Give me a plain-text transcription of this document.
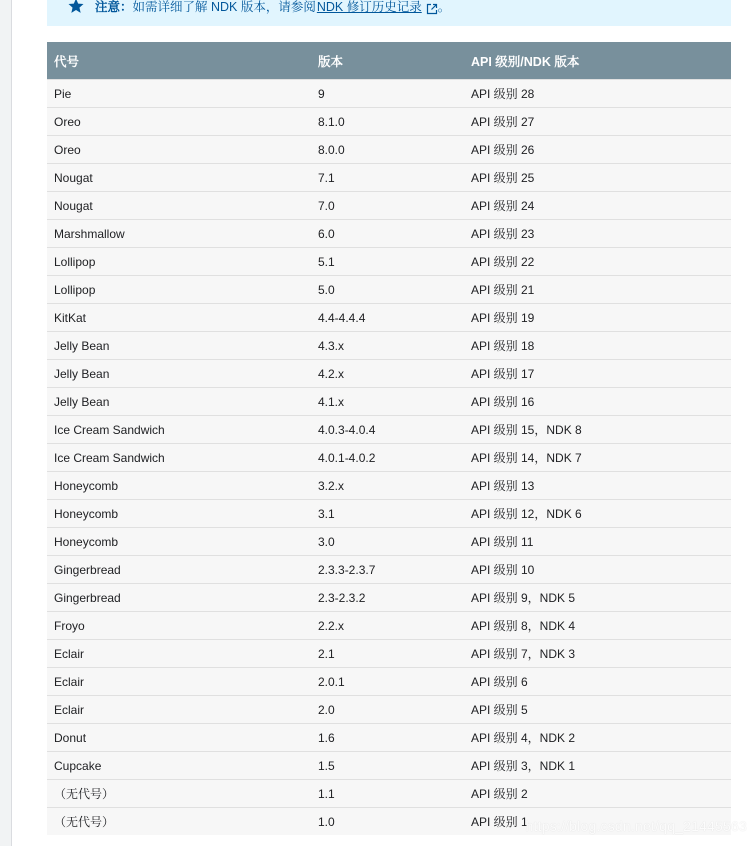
注意： 如需详细了解 NDK 版本，请参阅 NDK 修订历史记录 。
代号	版本	API 级别/NDK 版本
Pie	9	API 级别 28
Oreo	8.1.0	API 级别 27
Oreo	8.0.0	API 级别 26
Nougat	7.1	API 级别 25
Nougat	7.0	API 级别 24
Marshmallow	6.0	API 级别 23
Lollipop	5.1	API 级别 22
Lollipop	5.0	API 级别 21
KitKat	4.4-4.4.4	API 级别 19
Jelly Bean	4.3.x	API 级别 18
Jelly Bean	4.2.x	API 级别 17
Jelly Bean	4.1.x	API 级别 16
Ice Cream Sandwich	4.0.3-4.0.4	API 级别 15，NDK 8
Ice Cream Sandwich	4.0.1-4.0.2	API 级别 14，NDK 7
Honeycomb	3.2.x	API 级别 13
Honeycomb	3.1	API 级别 12，NDK 6
Honeycomb	3.0	API 级别 11
Gingerbread	2.3.3-2.3.7	API 级别 10
Gingerbread	2.3-2.3.2	API 级别 9，NDK 5
Froyo	2.2.x	API 级别 8，NDK 4
Eclair	2.1	API 级别 7，NDK 3
Eclair	2.0.1	API 级别 6
Eclair	2.0	API 级别 5
Donut	1.6	API 级别 4，NDK 2
Cupcake	1.5	API 级别 3，NDK 1
（无代号）	1.1	API 级别 2
（无代号）	1.0	API 级别 1
https://blog.csdn.net/qq_21445563
